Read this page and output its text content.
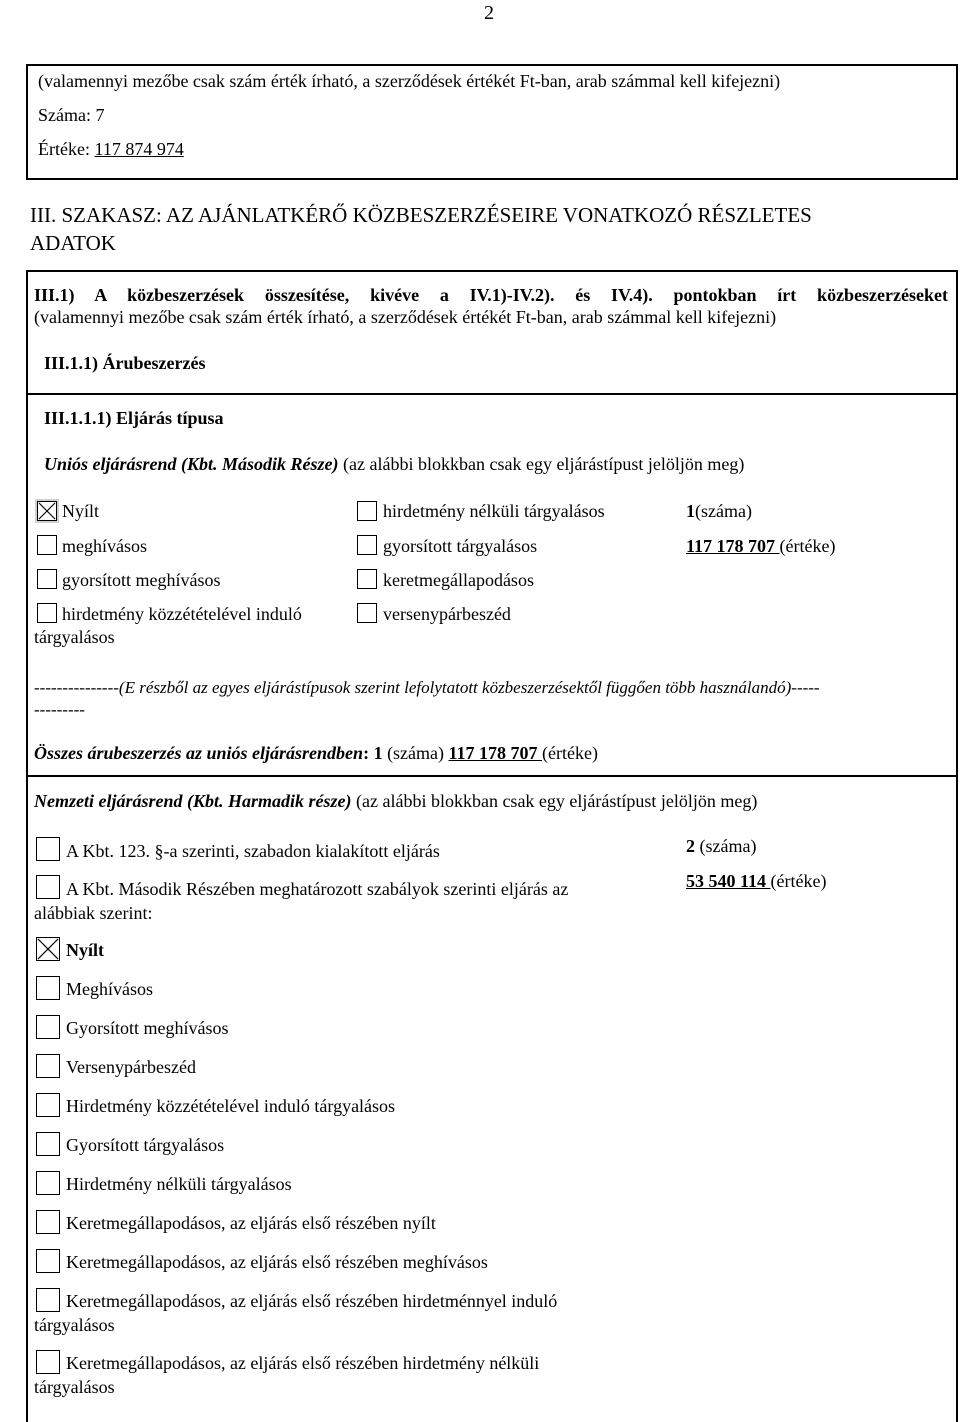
2
(valamennyi mezőbe csak szám érték írható, a szerződések értékét Ft-ban, arab számmal kell kifejezni)
Száma: 7
Értéke: 117 874 974
III. SZAKASZ: AZ AJÁNLATKÉRŐ KÖZBESZERZÉSEIRE VONATKOZÓ RÉSZLETES
ADATOK
III.1) A közbeszerzések összesítése, kivéve a IV.1)-IV.2). és IV.4). pontokban írt közbeszerzéseket
(valamennyi mezőbe csak szám érték írható, a szerződések értékét Ft-ban, arab számmal kell kifejezni)
III.1.1) Árubeszerzés
III.1.1.1) Eljárás típusa
Uniós eljárásrend (Kbt. Második Része) (az alábbi blokkban csak egy eljárástípust jelöljön meg)
Nyílt
meghívásos
gyorsított meghívásos
hirdetmény közzétételével induló
tárgyalásos
hirdetmény nélküli tárgyalásos
gyorsított tárgyalásos
keretmegállapodásos
versenypárbeszéd
1(száma)
117 178 707 (értéke)
---------------(E részből az egyes eljárástípusok szerint lefolytatott közbeszerzésektől függően több használandó)-----
---------
Összes árubeszerzés az uniós eljárásrendben: 1 (száma) 117 178 707 (értéke)
Nemzeti eljárásrend (Kbt. Harmadik része) (az alábbi blokkban csak egy eljárástípust jelöljön meg)
2 (száma)
53 540 114 (értéke)
A Kbt. 123. §-a szerinti, szabadon kialakított eljárás
A Kbt. Második Részében meghatározott szabályok szerinti eljárás az
alábbiak szerint:
Nyílt
Meghívásos
Gyorsított meghívásos
Versenypárbeszéd
Hirdetmény közzétételével induló tárgyalásos
Gyorsított tárgyalásos
Hirdetmény nélküli tárgyalásos
Keretmegállapodásos, az eljárás első részében nyílt
Keretmegállapodásos, az eljárás első részében meghívásos
Keretmegállapodásos, az eljárás első részében hirdetménnyel induló
tárgyalásos
Keretmegállapodásos, az eljárás első részében hirdetmény nélküli
tárgyalásos
